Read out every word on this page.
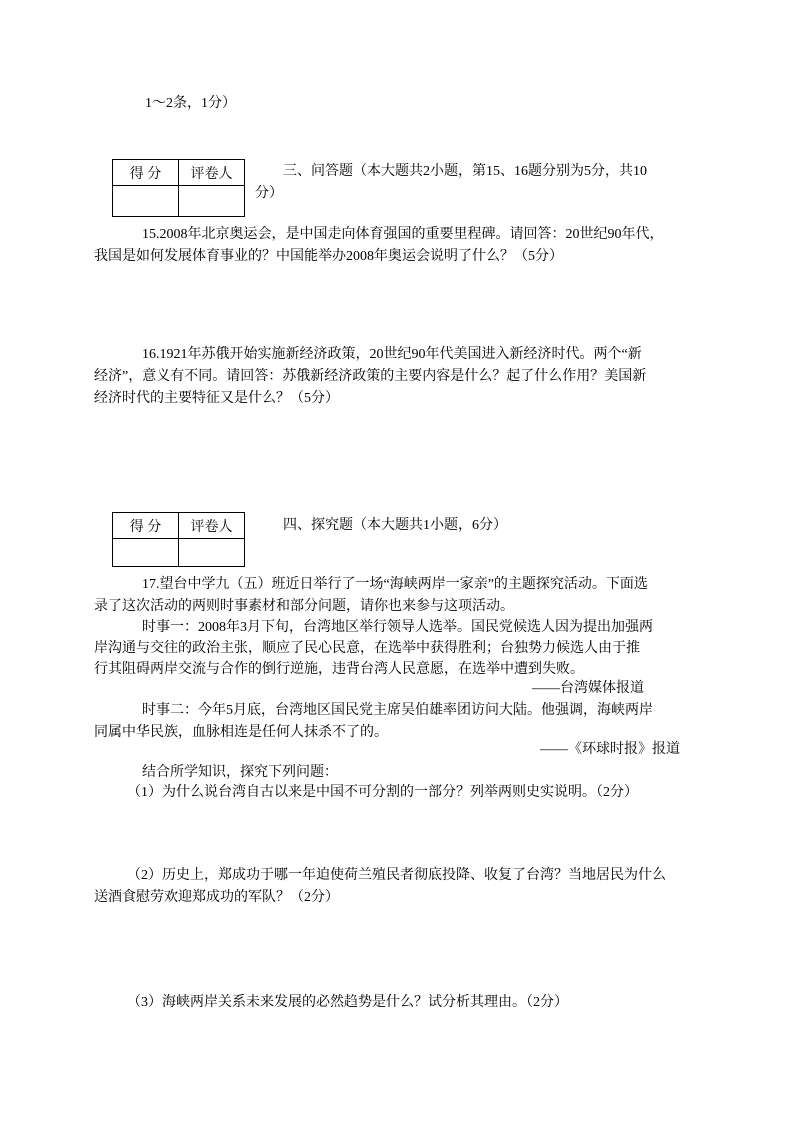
1～2条，1分）
得 分	评卷人
		三、问答题（本大题共2小题，第15、16题分别为5分，共10
分）
15.2008年北京奥运会，是中国走向体育强国的重要里程碑。请回答：20世纪90年代，
我国是如何发展体育事业的？中国能举办2008年奥运会说明了什么？（5分）
16.1921年苏俄开始实施新经济政策，20世纪90年代美国进入新经济时代。两个“新
经济”，意义有不同。请回答：苏俄新经济政策的主要内容是什么？起了什么作用？美国新
经济时代的主要特征又是什么？（5分）
得 分	评卷人
		四、探究题（本大题共1小题，6分）
17.望台中学九（五）班近日举行了一场“海峡两岸一家亲”的主题探究活动。下面选
录了这次活动的两则时事素材和部分问题，请你也来参与这项活动。
时事一：2008年3月下旬，台湾地区举行领导人选举。国民党候选人因为提出加强两
岸沟通与交往的政治主张，顺应了民心民意，在选举中获得胜利；台独势力候选人由于推
行其阻碍两岸交流与合作的倒行逆施，违背台湾人民意愿，在选举中遭到失败。
——台湾媒体报道
时事二：今年5月底，台湾地区国民党主席吴伯雄率团访问大陆。他强调，海峡两岸
同属中华民族，血脉相连是任何人抹杀不了的。
——《环球时报》报道
结合所学知识，探究下列问题：
（1）为什么说台湾自古以来是中国不可分割的一部分？列举两则史实说明。（2分）
（2）历史上，郑成功于哪一年迫使荷兰殖民者彻底投降、收复了台湾？当地居民为什么
送酒食慰劳欢迎郑成功的军队？（2分）
（3）海峡两岸关系未来发展的必然趋势是什么？试分析其理由。（2分）
